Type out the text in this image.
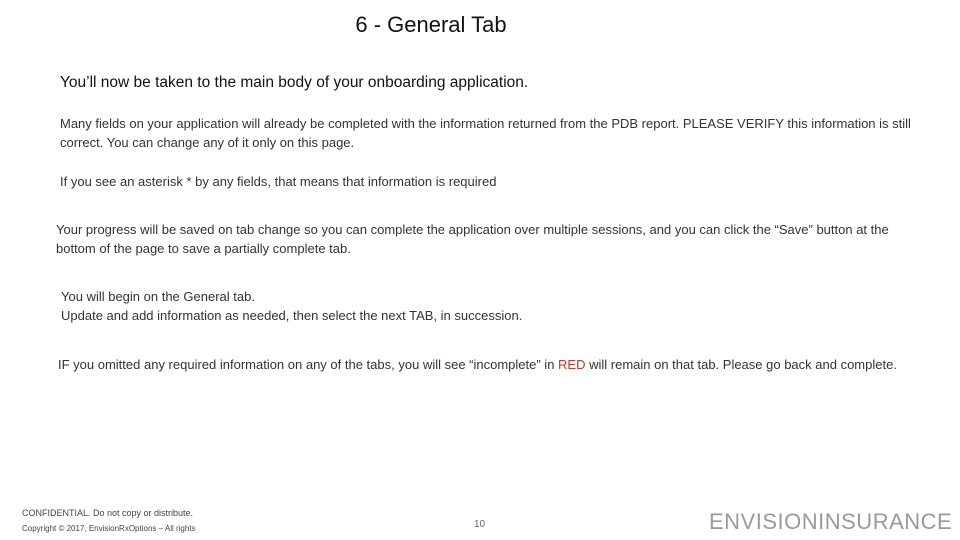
6 - General Tab
You’ll now be taken to the main body of your onboarding application.
Many fields on your application will already be completed with the information returned from the PDB report. PLEASE VERIFY this information is still correct. You can change any of it only on this page.
If you see an asterisk * by any fields, that means that information is required
Your progress will be saved on tab change so you can complete the application over multiple sessions, and you can click the “Save” button at the bottom of the page to save a partially complete tab.
You will begin on the General tab.
Update and add information as needed, then select the next TAB, in succession.
IF you omitted any required information on any of the tabs, you will see “incomplete” in RED will remain on that tab. Please go back and complete.
CONFIDENTIAL. Do not copy or distribute.
Copyright © 2017, EnvisionRxOptions – All rights	10	ENVISIONINSURANCE
